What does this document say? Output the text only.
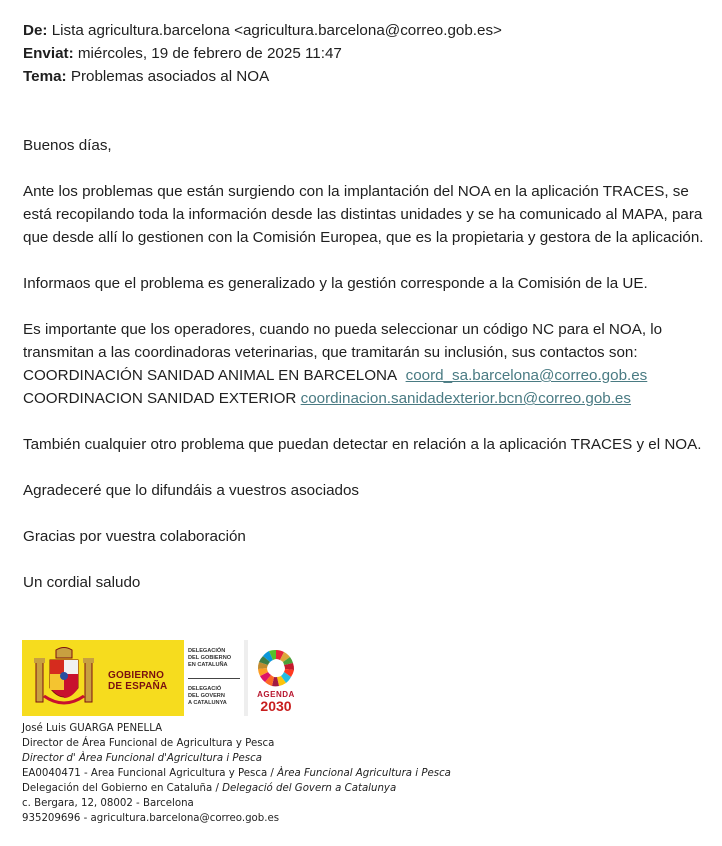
De: Lista agricultura.barcelona <agricultura.barcelona@correo.gob.es>
Enviat: miércoles, 19 de febrero de 2025 11:47
Tema: Problemas asociados al NOA

Buenos días,

Ante los problemas que están surgiendo con la implantación del NOA en la aplicación TRACES, se está recopilando toda la información desde las distintas unidades y se ha comunicado al MAPA, para que desde allí lo gestionen con la Comisión Europea, que es la propietaria y gestora de la aplicación.

Informaos que el problema es generalizado y la gestión corresponde a la Comisión de la UE.

Es importante que los operadores, cuando no pueda seleccionar un código NC para el NOA, lo transmitan a las coordinadoras veterinarias, que tramitarán su inclusión, sus contactos son:

COORDINACIÓN SANIDAD ANIMAL EN BARCELONA coord_sa.barcelona@correo.gob.es
COORDINACION SANIDAD EXTERIOR coordinacion.sanidadexterior.bcn@correo.gob.es

También cualquier otro problema que puedan detectar en relación a la aplicación TRACES y el NOA.

Agradeceré que lo difundáis a vuestros asociados

Gracias por vuestra colaboración

Un cordial saludo

GOBIERNO
DE ESPAÑA
DELEGACIÓN
DEL GOBIERNO
EN CATALUÑA
DELEGACIÓ
DEL GOVERN
A CATALUNYA
AGENDA
2030
José Luis GUARGA PENELLA
Director de Área Funcional de Agricultura y Pesca
Director d' Àrea Funcional d'Agricultura i Pesca
EA0040471 - Area Funcional Agricultura y Pesca / Àrea Funcional Agricultura i Pesca
Delegación del Gobierno en Cataluña / Delegació del Govern a Catalunya
c. Bergara, 12, 08002 - Barcelona
935209696 - agricultura.barcelona@correo.gob.es
